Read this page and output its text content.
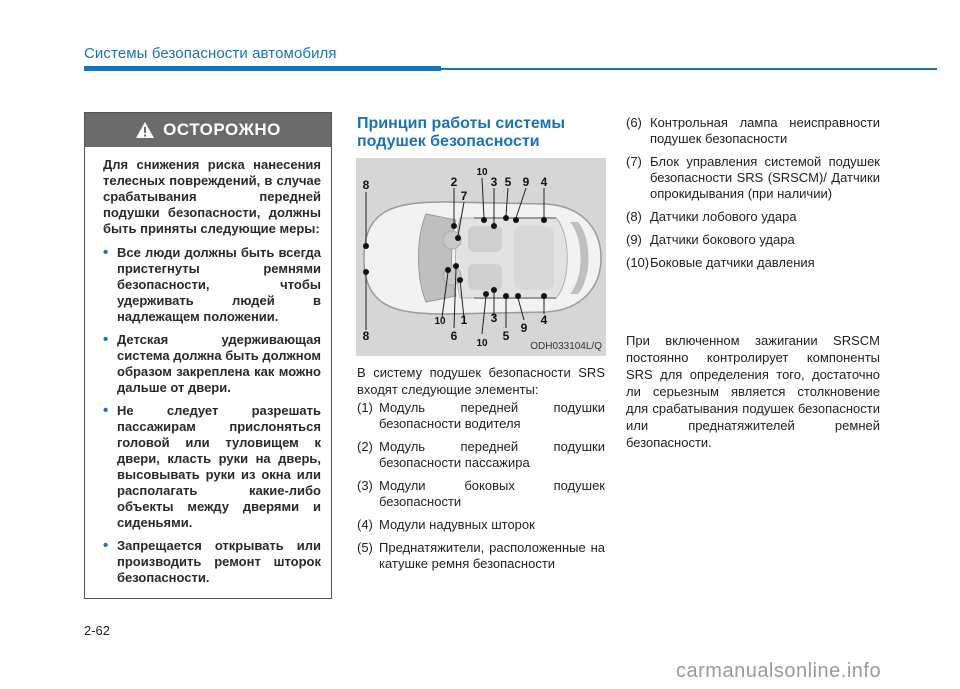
Системы безопасности автомобиля
ОСТОРОЖНО

Для снижения риска нанесения телесных повреждений, в случае срабатывания передней подушки безопасности, должны быть приняты следующие меры:

• Все люди должны быть всегда пристегнуты ремнями безопасности, чтобы удерживать людей в надлежащем положении.
• Детская удерживающая система должна быть должном образом закреплена как можно дальше от двери.
• Не следует разрешать пассажирам прислоняться головой или туловищем к двери, класть руки на дверь, высовывать руки из окна или располагать какие-либо объекты между дверями и сиденьями.
• Запрещается открывать или производить ремонт шторок безопасности.
Принцип работы системы подушек безопасности
8	2
10
3 5 9 4
7
8
10 1
6
10
3
5
9
4
ODH033104L/Q
В систему подушек безопасности SRS входят следующие элементы:
(1) Модуль передней подушки безопасности водителя
(2) Модуль передней подушки безопасности пассажира
(3) Модули боковых подушек безопасности
(4) Модули надувных шторок
(5) Преднатяжители, расположенные на катушке ремня безопасности
(6) Контрольная лампа неисправности подушек безопасности
(7) Блок управления системой подушек безопасности SRS (SRSCM)/ Датчики опрокидывания (при наличии)
(8) Датчики лобового удара
(9) Датчики бокового удара
(10) Боковые датчики давления
При включенном зажигании SRSCM постоянно контролирует компоненты SRS для определения того, достаточно ли серьезным является столкновение для срабатывания подушек безопасности или преднатяжителей ремней безопасности.
2-62
carmanualsonline.info
